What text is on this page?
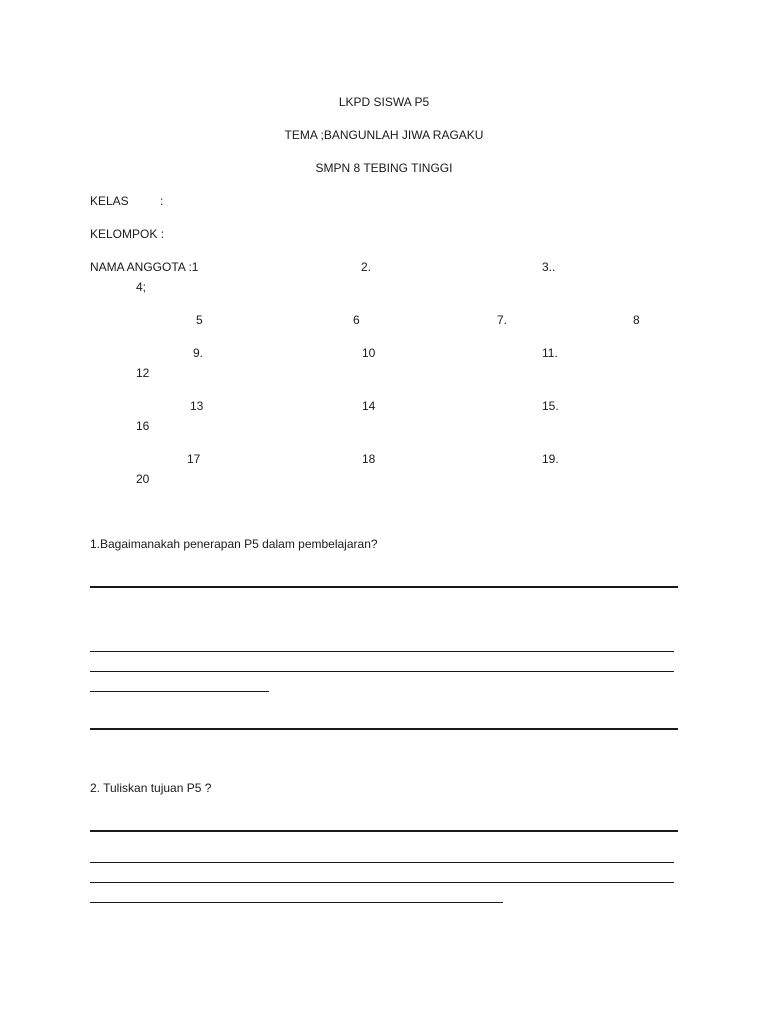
LKPD SISWA P5
TEMA ;BANGUNLAH JIWA RAGAKU
SMPN 8 TEBING TINGGI
KELAS	:
KELOMPOK :
NAMA ANGGOTA :1	2.	3..
4;
5	6	7.	8
9.	10	11.
12
13	14	15.
16
17	18	19.
20
1.Bagaimanakah penerapan P5 dalam pembelajaran?
2. Tuliskan tujuan P5 ?
